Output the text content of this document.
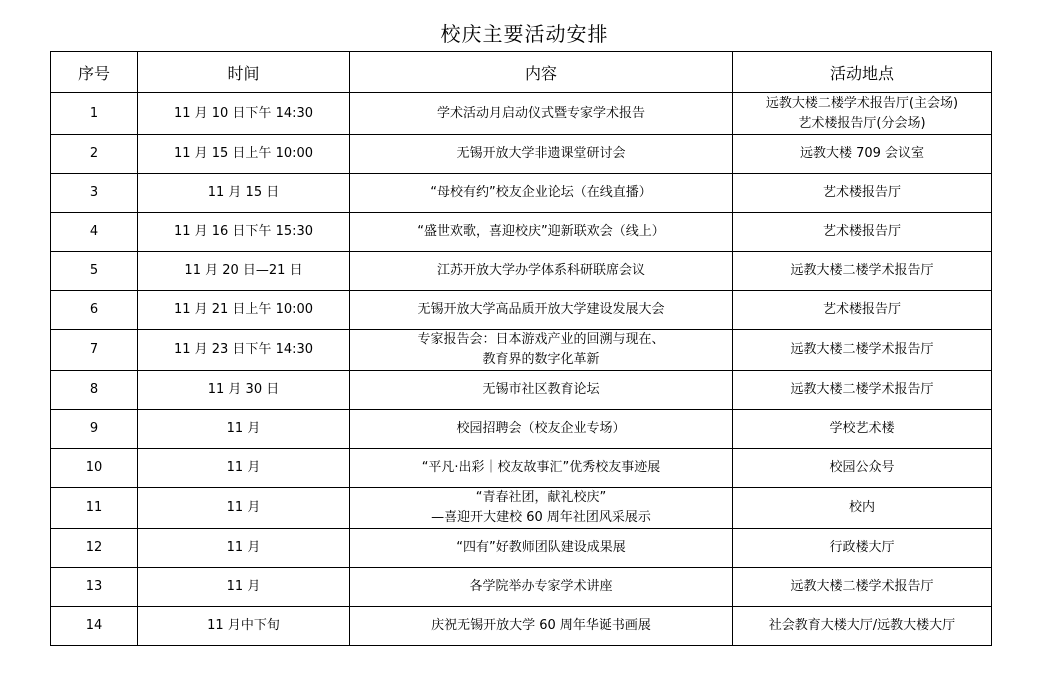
校庆主要活动安排
序号	时间	内容	活动地点
1	11 月 10 日下午 14:30	学术活动月启动仪式暨专家学术报告	远教大楼二楼学术报告厅(主会场)
艺术楼报告厅(分会场)

2	11 月 15 日上午 10:00	无锡开放大学非遗课堂研讨会	远教大楼 709 会议室

3	11 月 15 日	“母校有约”校友企业论坛（在线直播）	艺术楼报告厅

4	11 月 16 日下午 15:30	“盛世欢歌，喜迎校庆”迎新联欢会（线上）	艺术楼报告厅

5	11 月 20 日—21 日	江苏开放大学办学体系科研联席会议	远教大楼二楼学术报告厅

6	11 月 21 日上午 10:00	无锡开放大学高品质开放大学建设发展大会	艺术楼报告厅

7	11 月 23 日下午 14:30	专家报告会：日本游戏产业的回溯与现在、
教育界的数字化革新	远教大楼二楼学术报告厅

8	11 月 30 日	无锡市社区教育论坛	远教大楼二楼学术报告厅

9	11 月	校园招聘会（校友企业专场）	学校艺术楼

10	11 月	“平凡·出彩｜校友故事汇”优秀校友事迹展	校园公众号

11	11 月	“青春社团，献礼校庆”
—喜迎开大建校 60 周年社团风采展示	校内

12	11 月	“四有”好教师团队建设成果展	行政楼大厅

13	11 月	各学院举办专家学术讲座	远教大楼二楼学术报告厅

14	11 月中下旬	庆祝无锡开放大学 60 周年华诞书画展	社会教育大楼大厅/远教大楼大厅
